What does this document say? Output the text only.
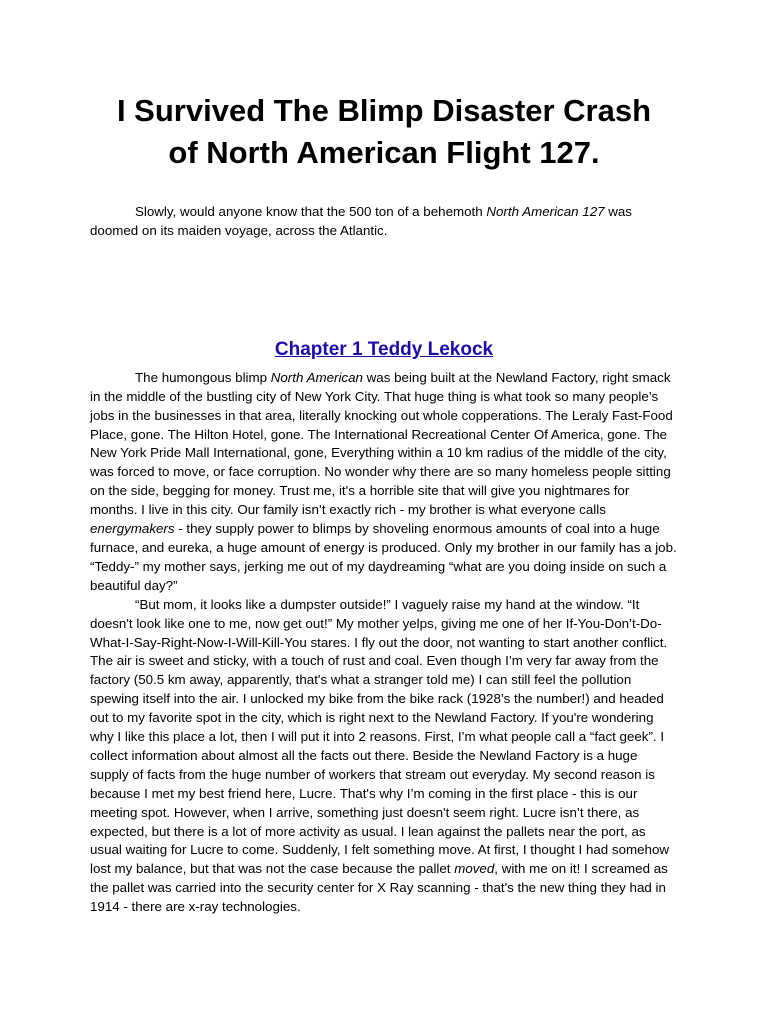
I Survived The Blimp Disaster Crash
of North American Flight 127.

Slowly, would anyone know that the 500 ton of a behemoth North American 127 was doomed on its maiden voyage, across the Atlantic.

Chapter 1 Teddy Lekock

The humongous blimp North American was being built at the Newland Factory, right smack in the middle of the bustling city of New York City. That huge thing is what took so many people’s jobs in the businesses in that area, literally knocking out whole copperations. The Leraly Fast-Food Place, gone. The Hilton Hotel, gone. The International Recreational Center Of America, gone. The New York Pride Mall International, gone, Everything within a 10 km radius of the middle of the city, was forced to move, or face corruption. No wonder why there are so many homeless people sitting on the side, begging for money. Trust me, it's a horrible site that will give you nightmares for months. I live in this city. Our family isn’t exactly rich - my brother is what everyone calls energymakers - they supply power to blimps by shoveling enormous amounts of coal into a huge furnace, and eureka, a huge amount of energy is produced. Only my brother in our family has a job. “Teddy-” my mother says, jerking me out of my daydreaming “what are you doing inside on such a beautiful day?”

“But mom, it looks like a dumpster outside!” I vaguely raise my hand at the window. “It doesn't look like one to me, now get out!” My mother yelps, giving me one of her If-You-Don’t-Do-What-I-Say-Right-Now-I-Will-Kill-You stares. I fly out the door, not wanting to start another conflict. The air is sweet and sticky, with a touch of rust and coal. Even though I’m very far away from the factory (50.5 km away, apparently, that's what a stranger told me) I can still feel the pollution spewing itself into the air. I unlocked my bike from the bike rack (1928’s the number!) and headed out to my favorite spot in the city, which is right next to the Newland Factory. If you're wondering why I like this place a lot, then I will put it into 2 reasons. First, I’m what people call a “fact geek”. I collect information about almost all the facts out there. Beside the Newland Factory is a huge supply of facts from the huge number of workers that stream out everyday. My second reason is because I met my best friend here, Lucre. That's why I’m coming in the first place - this is our meeting spot. However, when I arrive, something just doesn't seem right. Lucre isn’t there, as expected, but there is a lot of more activity as usual. I lean against the pallets near the port, as usual waiting for Lucre to come. Suddenly, I felt something move. At first, I thought I had somehow lost my balance, but that was not the case because the pallet moved, with me on it! I screamed as the pallet was carried into the security center for X Ray scanning - that's the new thing they had in 1914 - there are x-ray technologies.
